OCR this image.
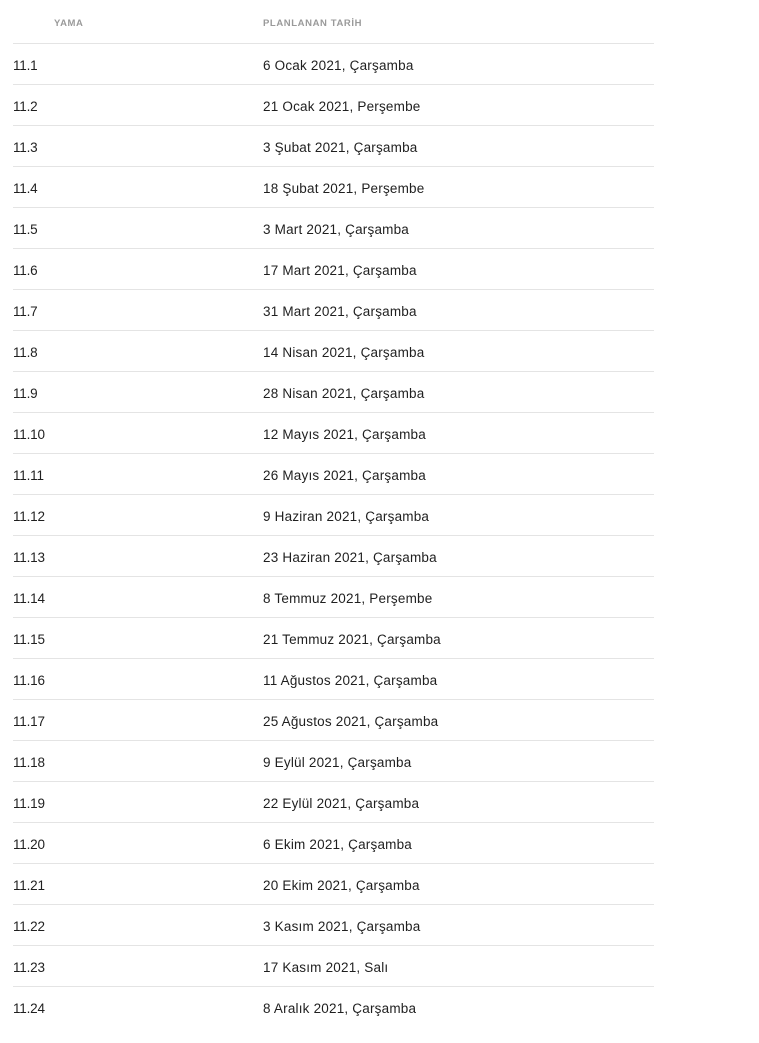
YAMA	PLANLANAN TARİH
11.1	6 Ocak 2021, Çarşamba
11.2	21 Ocak 2021, Perşembe
11.3	3 Şubat 2021, Çarşamba
11.4	18 Şubat 2021, Perşembe
11.5	3 Mart 2021, Çarşamba
11.6	17 Mart 2021, Çarşamba
11.7	31 Mart 2021, Çarşamba
11.8	14 Nisan 2021, Çarşamba
11.9	28 Nisan 2021, Çarşamba
11.10	12 Mayıs 2021, Çarşamba
11.11	26 Mayıs 2021, Çarşamba
11.12	9 Haziran 2021, Çarşamba
11.13	23 Haziran 2021, Çarşamba
11.14	8 Temmuz 2021, Perşembe
11.15	21 Temmuz 2021, Çarşamba
11.16	11 Ağustos 2021, Çarşamba
11.17	25 Ağustos 2021, Çarşamba
11.18	9 Eylül 2021, Çarşamba
11.19	22 Eylül 2021, Çarşamba
11.20	6 Ekim 2021, Çarşamba
11.21	20 Ekim 2021, Çarşamba
11.22	3 Kasım 2021, Çarşamba
11.23	17 Kasım 2021, Salı
11.24	8 Aralık 2021, Çarşamba
